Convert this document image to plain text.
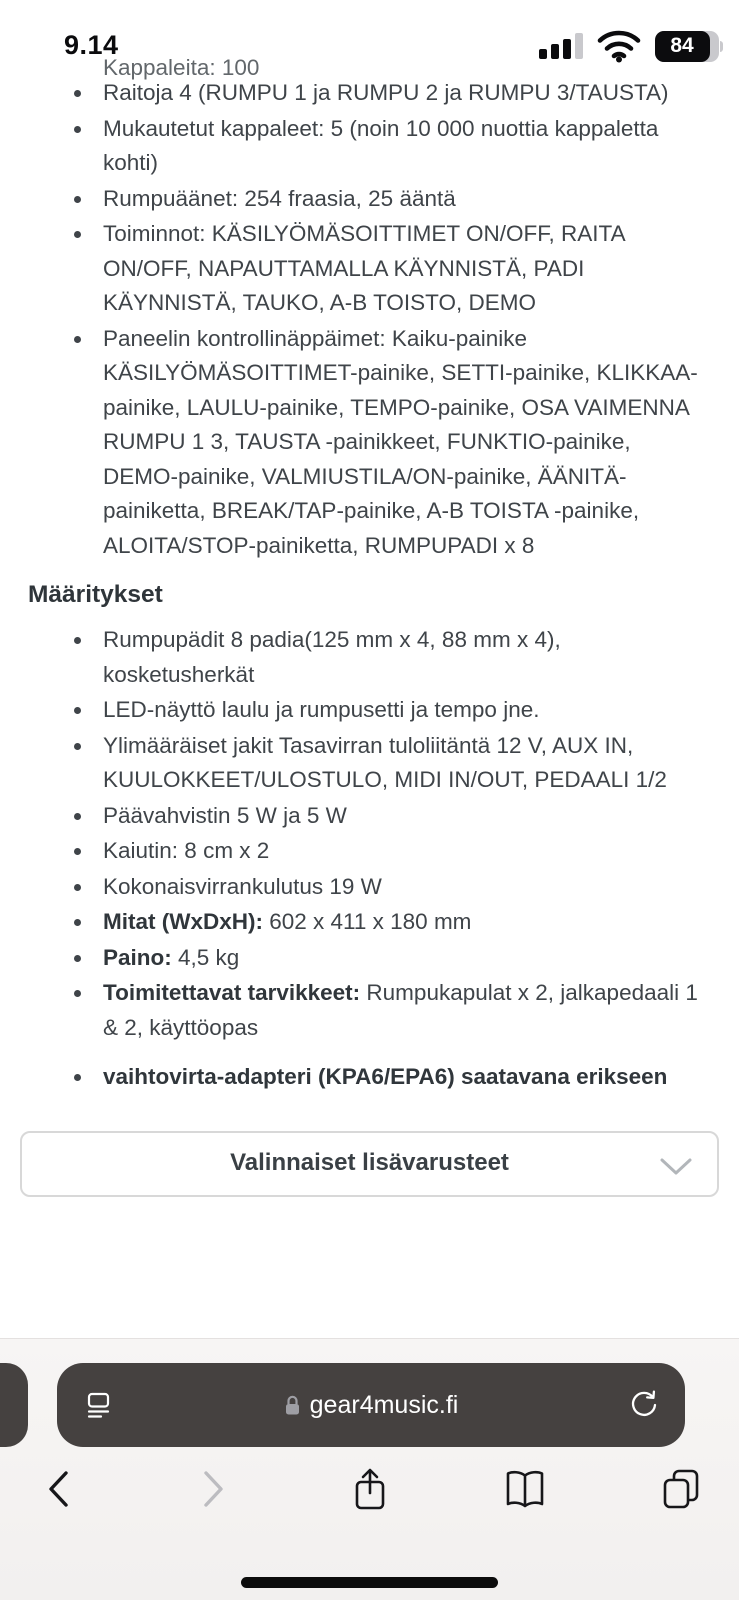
9.14	84
Kappaleita: 100
Raitoja 4 (RUMPU 1 ja RUMPU 2 ja RUMPU 3/TAUSTA)
Mukautetut kappaleet: 5 (noin 10 000 nuottia kappaletta kohti)
Rumpuäänet: 254 fraasia, 25 ääntä
Toiminnot: KÄSILYÖMÄSOITTIMET ON/OFF, RAITA ON/OFF, NAPAUTTAMALLA KÄYNNISTÄ, PADI KÄYNNISTÄ, TAUKO, A-B TOISTO, DEMO
Paneelin kontrollinäppäimet: Kaiku-painike KÄSILYÖMÄSOITTIMET-painike, SETTI-painike, KLIKKAA-painike, LAULU-painike, TEMPO-painike, OSA VAIMENNA RUMPU 1 3, TAUSTA -painikkeet, FUNKTIO-painike, DEMO-painike, VALMIUSTILA/ON-painike, ÄÄNITÄ-painiketta, BREAK/TAP-painike, A-B TOISTA -painike, ALOITA/STOP-painiketta, RUMPUPADI x 8
Määritykset
Rumpupädit 8 padia(125 mm x 4, 88 mm x 4), kosketusherkät
LED-näyttö laulu ja rumpusetti ja tempo jne.
Ylimääräiset jakit Tasavirran tuloliitäntä 12 V, AUX IN, KUULOKKEET/ULOSTULO, MIDI IN/OUT, PEDAALI 1/2
Päävahvistin 5 W ja 5 W
Kaiutin: 8 cm x 2
Kokonaisvirrankulutus 19 W
Mitat (WxDxH): 602 x 411 x 180 mm
Paino: 4,5 kg
Toimitettavat tarvikkeet: Rumpukapulat x 2, jalkapedaali 1 & 2, käyttöopas
vaihtovirta-adapteri (KPA6/EPA6) saatavana erikseen
Valinnaiset lisävarusteet
gear4music.fi
